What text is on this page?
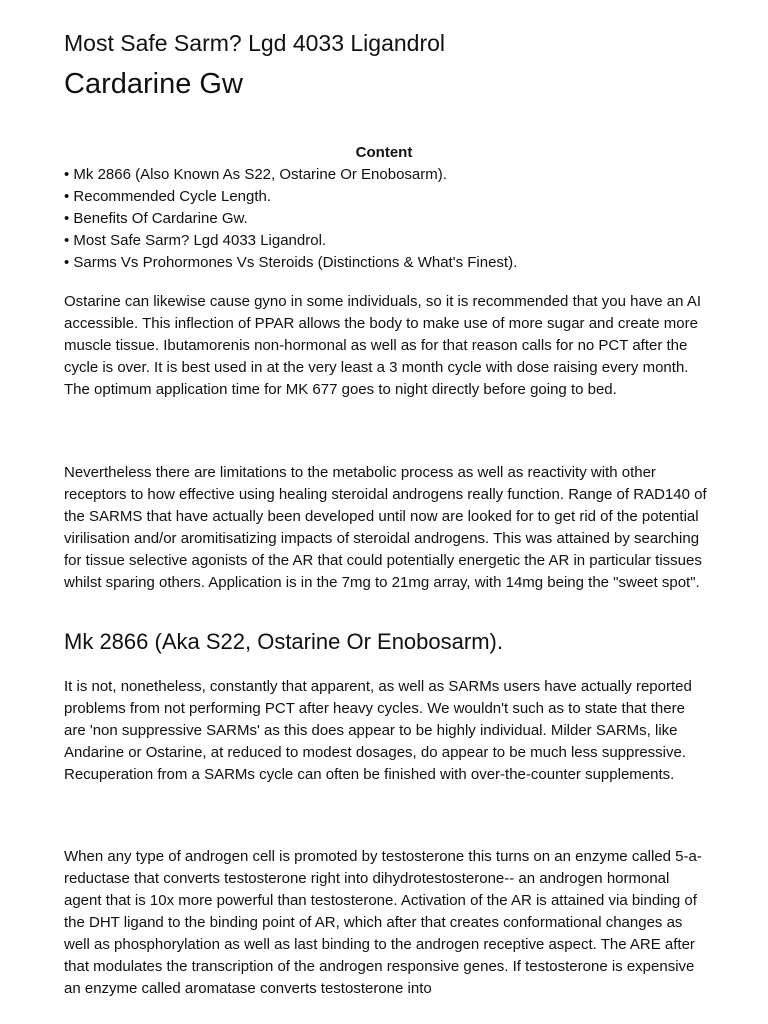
Most Safe Sarm? Lgd 4033 Ligandrol
Cardarine Gw

Content

• Mk 2866 (Also Known As S22, Ostarine Or Enobosarm).
• Recommended Cycle Length.
• Benefits Of Cardarine Gw.
• Most Safe Sarm? Lgd 4033 Ligandrol.
• Sarms Vs Prohormones Vs Steroids (Distinctions & What's Finest).

Ostarine can likewise cause gyno in some individuals, so it is recommended that you have an AI accessible. This inflection of PPAR allows the body to make use of more sugar and create more muscle tissue. Ibutamorenis non-hormonal as well as for that reason calls for no PCT after the cycle is over. It is best used in at the very least a 3 month cycle with dose raising every month. The optimum application time for MK 677 goes to night directly before going to bed.

Nevertheless there are limitations to the metabolic process as well as reactivity with other receptors to how effective using healing steroidal androgens really function. Range of RAD140 of the SARMS that have actually been developed until now are looked for to get rid of the potential virilisation and/or aromitisatizing impacts of steroidal androgens. This was attained by searching for tissue selective agonists of the AR that could potentially energetic the AR in particular tissues whilst sparing others. Application is in the 7mg to 21mg array, with 14mg being the "sweet spot".

Mk 2866 (Aka S22, Ostarine Or Enobosarm).

It is not, nonetheless, constantly that apparent, as well as SARMs users have actually reported problems from not performing PCT after heavy cycles. We wouldn't such as to state that there are 'non suppressive SARMs' as this does appear to be highly individual. Milder SARMs, like Andarine or Ostarine, at reduced to modest dosages, do appear to be much less suppressive. Recuperation from a SARMs cycle can often be finished with over-the-counter supplements.

When any type of androgen cell is promoted by testosterone this turns on an enzyme called 5-a-reductase that converts testosterone right into dihydrotestosterone-- an androgen hormonal agent that is 10x more powerful than testosterone. Activation of the AR is attained via binding of the DHT ligand to the binding point of AR, which after that creates conformational changes as well as phosphorylation as well as last binding to the androgen receptive aspect. The ARE after that modulates the transcription of the androgen responsive genes. If testosterone is expensive an enzyme called aromatase converts testosterone into
